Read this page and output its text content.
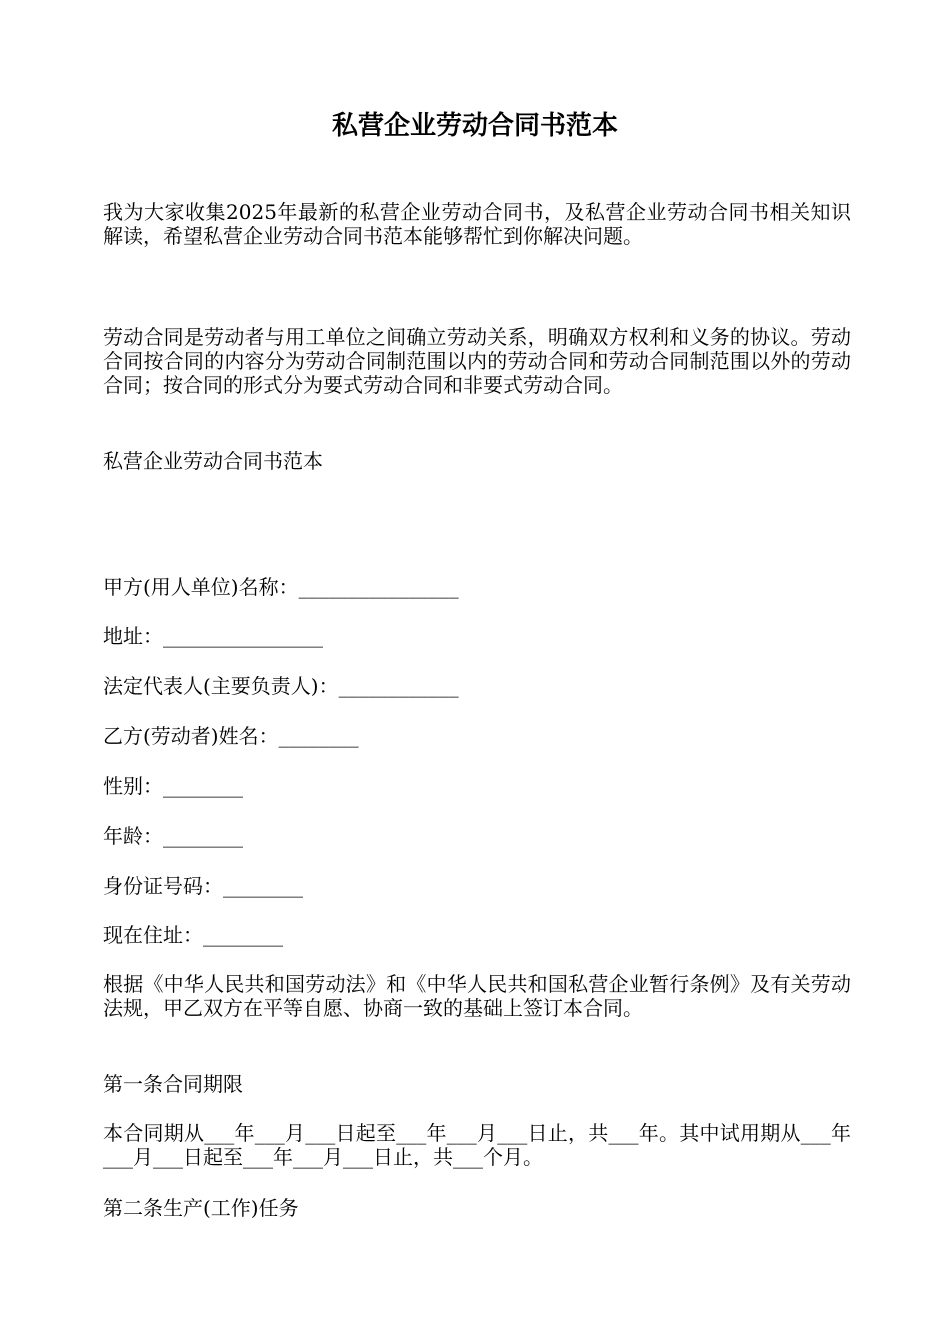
私营企业劳动合同书范本
我为大家收集2025年最新的私营企业劳动合同书，及私营企业劳动合同书相关知识解读，希望私营企业劳动合同书范本能够帮忙到你解决问题。
劳动合同是劳动者与用工单位之间确立劳动关系，明确双方权利和义务的协议。劳动合同按合同的内容分为劳动合同制范围以内的劳动合同和劳动合同制范围以外的劳动合同；按合同的形式分为要式劳动合同和非要式劳动合同。
私营企业劳动合同书范本
甲方(用人单位)名称：________________
地址：________________
法定代表人(主要负责人)：____________
乙方(劳动者)姓名：________
性别：________
年龄：________
身份证号码：________
现在住址：________
根据《中华人民共和国劳动法》和《中华人民共和国私营企业暂行条例》及有关劳动法规，甲乙双方在平等自愿、协商一致的基础上签订本合同。
第一条合同期限
本合同期从___年___月___日起至___年___月___日止，共___年。其中试用期从___年___月___日起至___年___月___日止，共___个月。
第二条生产(工作)任务
